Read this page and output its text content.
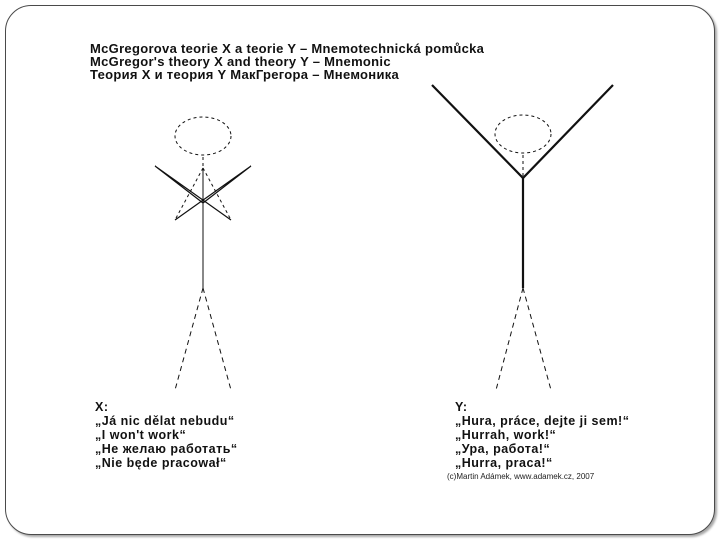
McGregorova teorie X a teorie Y – Mnemotechnická pomůcka
McGregor's theory X and theory Y – Mnemonic
Теория X и теория Y МакГрегора – Мнемоника
X:
„Já nic dělat nebudu“
„I won't work“
„Не желаю работать“
„Nie będe pracował“
Y:
„Hura, práce, dejte ji sem!“
„Hurrah, work!“
„Ура, работа!“
„Hurra, praca!“
(c)Martin Adámek, www.adamek.cz, 2007
